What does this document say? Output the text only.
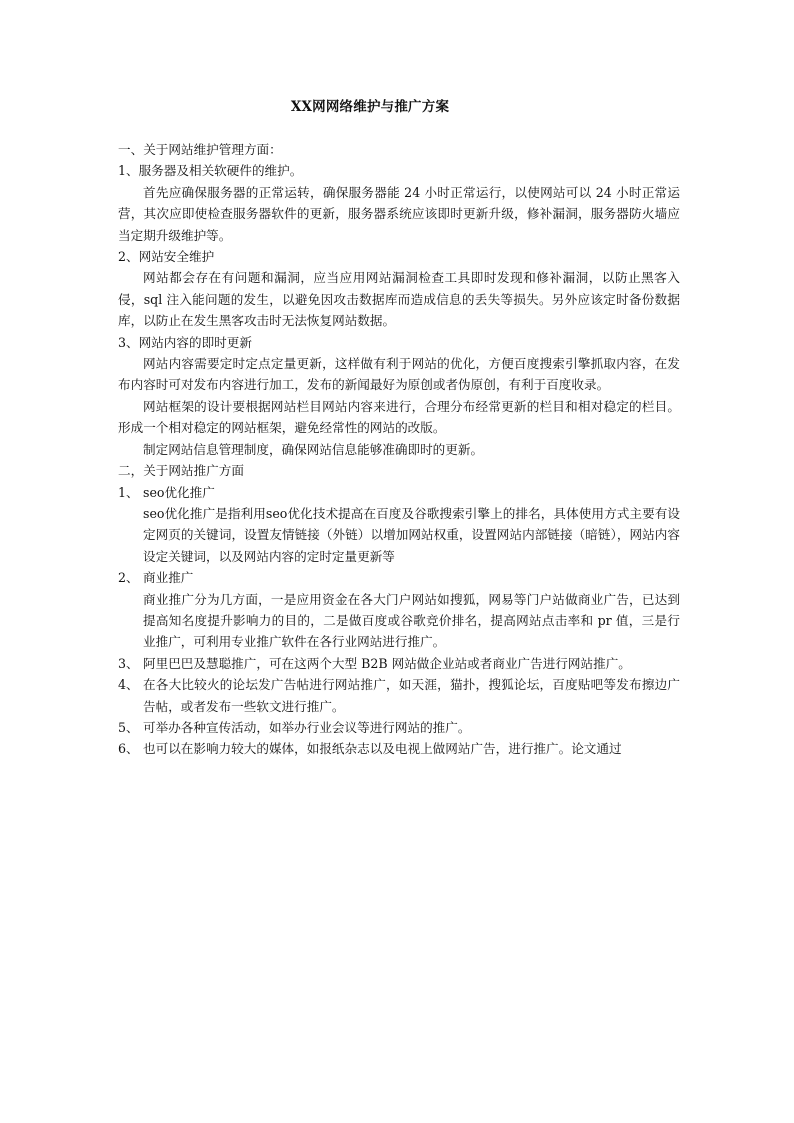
XX网网络维护与推广方案

一、关于网站维护管理方面：

1、服务器及相关软硬件的维护。

首先应确保服务器的正常运转，确保服务器能 24 小时正常运行，以使网站可以 24 小时正常运营，其次应即使检查服务器软件的更新，服务器系统应该即时更新升级，修补漏洞，服务器防火墙应当定期升级维护等。

2、网站安全维护

网站都会存在有问题和漏洞，应当应用网站漏洞检查工具即时发现和修补漏洞，以防止黑客入侵，sql 注入能问题的发生，以避免因攻击数据库而造成信息的丢失等损失。另外应该定时备份数据库，以防止在发生黑客攻击时无法恢复网站数据。

3、网站内容的即时更新

网站内容需要定时定点定量更新，这样做有利于网站的优化，方便百度搜索引擎抓取内容，在发布内容时可对发布内容进行加工，发布的新闻最好为原创或者伪原创，有利于百度收录。

网站框架的设计要根据网站栏目网站内容来进行，合理分布经常更新的栏目和相对稳定的栏目。形成一个相对稳定的网站框架，避免经常性的网站的改版。

制定网站信息管理制度，确保网站信息能够准确即时的更新。

二，关于网站推广方面

1、 seo优化推广

seo优化推广是指利用seo优化技术提高在百度及谷歌搜索引擎上的排名，具体使用方式主要有设定网页的关键词，设置友情链接（外链）以增加网站权重，设置网站内部链接（暗链），网站内容设定关键词，以及网站内容的定时定量更新等

2、 商业推广

商业推广分为几方面，一是应用资金在各大门户网站如搜狐，网易等门户站做商业广告，已达到提高知名度提升影响力的目的，二是做百度或谷歌竞价排名，提高网站点击率和 pr 值，三是行业推广，可利用专业推广软件在各行业网站进行推广。

3、 阿里巴巴及慧聪推广，可在这两个大型 B2B 网站做企业站或者商业广告进行网站推广。
4、 在各大比较火的论坛发广告帖进行网站推广，如天涯，猫扑，搜狐论坛，百度贴吧等发布擦边广告帖，或者发布一些软文进行推广。
5、 可举办各种宣传活动，如举办行业会议等进行网站的推广。
6、 也可以在影响力较大的媒体，如报纸杂志以及电视上做网站广告，进行推广。论文通过
